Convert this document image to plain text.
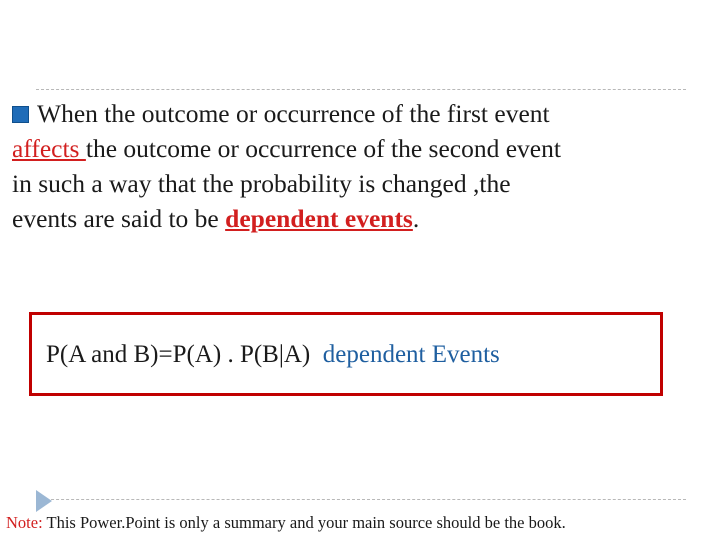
When the outcome or occurrence of the first event
affects the outcome or occurrence of the second event
in such a way that the probability is changed ,the
events are said to be dependent events.
P(A and B)=P(A) . P(B|A) dependent Events
Note: This Power.Point is only a summary and your main source should be the book.
